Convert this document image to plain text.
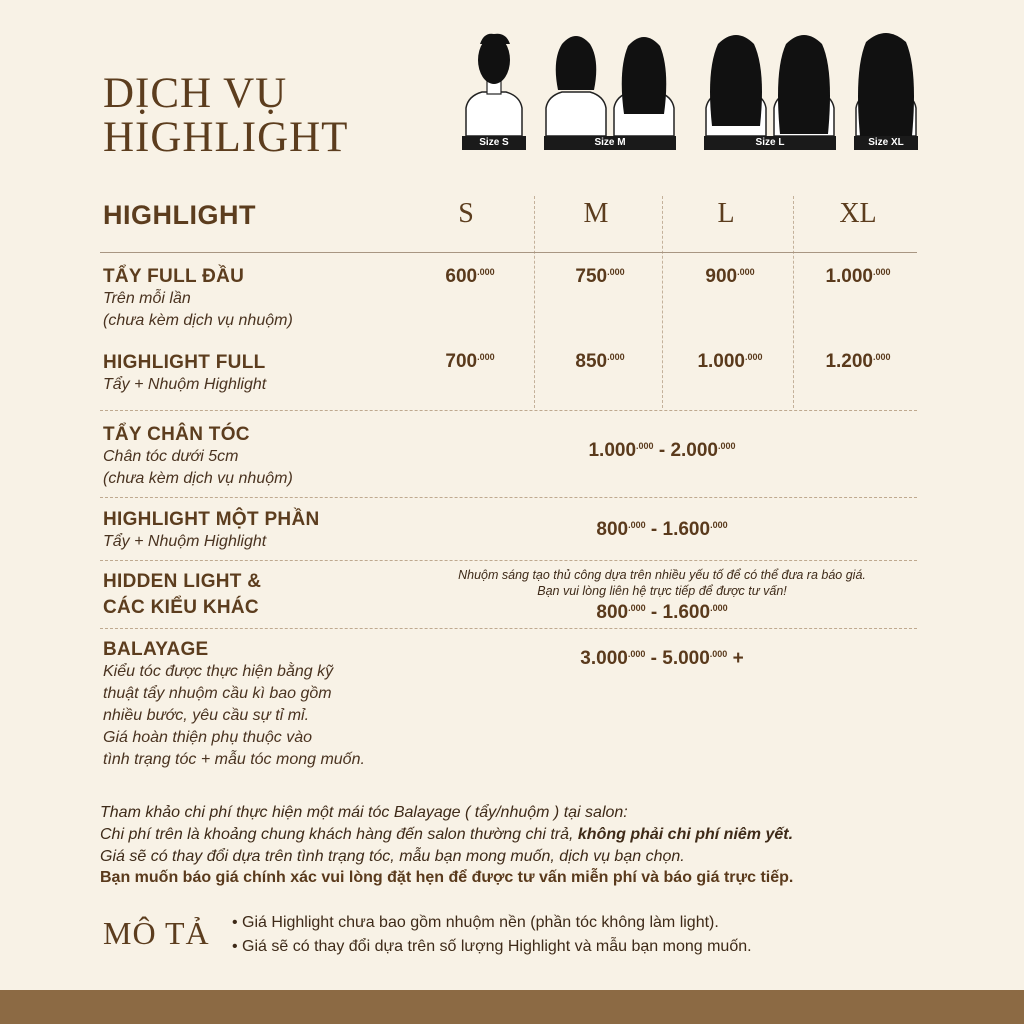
DỊCH VỤ
HIGHLIGHT	Size S	Size M	Size L	Size XL
HIGHLIGHT	S	M	L	XL
TẨY FULL ĐẦU
Trên mỗi lần
(chưa kèm dịch vụ nhuộm)
$600^{.000}$	$750^{.000}$	$900^{.000}$	$1.000^{.000}$
HIGHLIGHT FULL
Tẩy + Nhuộm Highlight
$700^{.000}$	$850^{.000}$	$1.000^{.000}$	$1.200^{.000}$
TẨY CHÂN TÓC
Chân tóc dưới 5cm
(chưa kèm dịch vụ nhuộm)
$1.000^{.000} - 2.000^{.000}$
HIGHLIGHT MỘT PHẦN
Tẩy + Nhuộm Highlight
$800^{.000} - 1.600^{.000}$
HIDDEN LIGHT &
CÁC KIỂU KHÁC
Nhuộm sáng tạo thủ công dựa trên nhiều yếu tố để có thể đưa ra báo giá.
Bạn vui lòng liên hệ trực tiếp để được tư vấn!
$800^{.000} - 1.600^{.000}$
BALAYAGE
Kiểu tóc được thực hiện bằng kỹ
thuật tẩy nhuộm cầu kì bao gồm
nhiều bước, yêu cầu sự tỉ mỉ.
Giá hoàn thiện phụ thuộc vào
tình trạng tóc + mẫu tóc mong muốn.
$3.000^{.000} - 5.000^{.000}$ +
Tham khảo chi phí thực hiện một mái tóc Balayage ( tẩy/nhuộm ) tại salon:
Chi phí trên là khoảng chung khách hàng đến salon thường chi trả, không phải chi phí niêm yết.
Giá sẽ có thay đổi dựa trên tình trạng tóc, mẫu bạn mong muốn, dịch vụ bạn chọn.
Bạn muốn báo giá chính xác vui lòng đặt hẹn để được tư vấn miễn phí và báo giá trực tiếp.
MÔ TẢ • Giá Highlight chưa bao gồm nhuộm nền (phần tóc không làm light).
• Giá sẽ có thay đổi dựa trên số lượng Highlight và mẫu bạn mong muốn.
